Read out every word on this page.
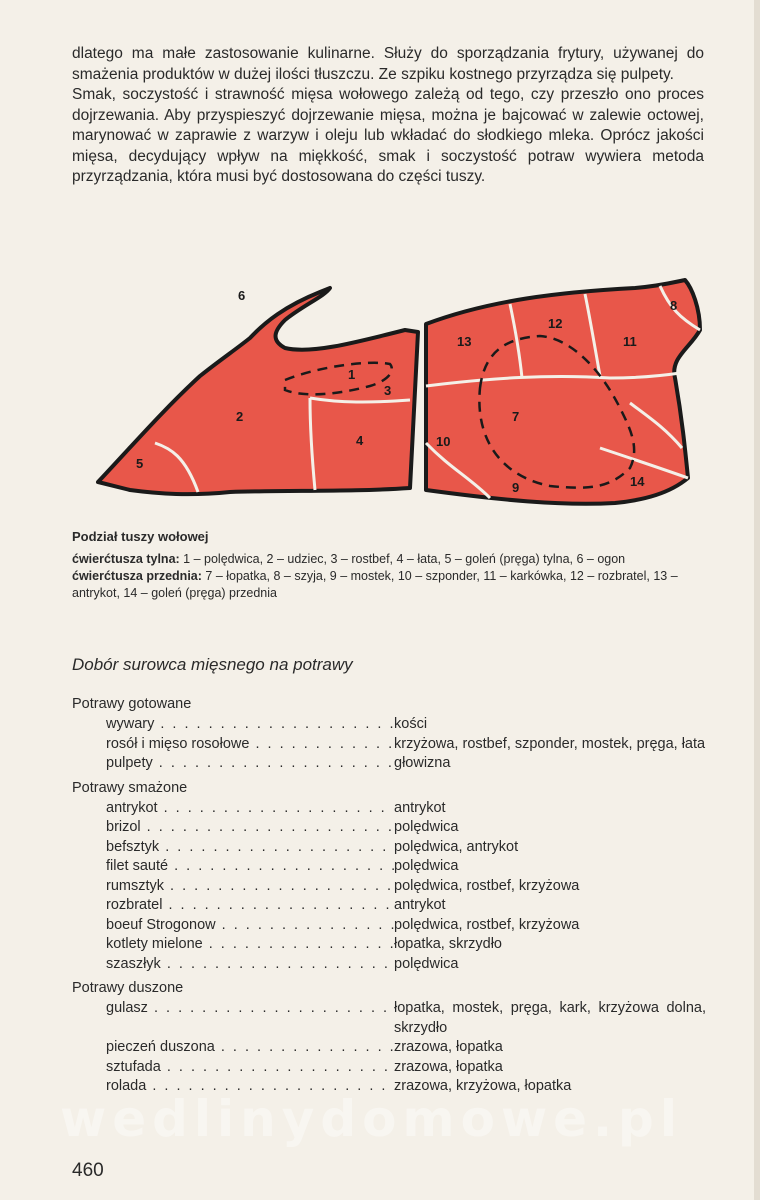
dlatego ma małe zastosowanie kulinarne. Służy do sporządzania frytury, używanej do smażenia produktów w dużej ilości tłuszczu. Ze szpiku kostnego przyrządza się pulpety.

Smak, soczystość i strawność mięsa wołowego zależą od tego, czy przeszło ono proces dojrzewania. Aby przyspieszyć dojrzewanie mięsa, można je bajcować w zalewie octowej, marynować w zaprawie z warzyw i oleju lub wkładać do słodkiego mleka. Oprócz jakości mięsa, decydujący wpływ na miękkość, smak i soczystość potraw wywiera metoda przyrządzania, która musi być dostosowana do części tuszy.

1
2
3
4
5
6
7
8
9
10
11
12
13
14
Podział tuszy wołowej
ćwierćtusza tylna: 1 – polędwica, 2 – udziec, 3 – rostbef, 4 – łata, 5 – goleń (pręga) tylna, 6 – ogon
ćwierćtusza przednia: 7 – łopatka, 8 – szyja, 9 – mostek, 10 – szponder, 11 – karkówka, 12 – rozbratel, 13 – antrykot, 14 – goleń (pręga) przednia
Dobór surowca mięsnego na potrawy
Potrawy gotowane
wywary . . .	kości
rosół i mięso rosołowe . . .	krzyżowa, rostbef, szponder, mostek, pręga, łata
pulpety . . .	głowizna
Potrawy smażone
antrykot . . .	antrykot
brizol . . .	polędwica
befsztyk . . .	polędwica, antrykot
filet sauté . . .	polędwica
rumsztyk . . .	polędwica, rostbef, krzyżowa
rozbratel . . .	antrykot
boeuf Strogonow . . .	polędwica, rostbef, krzyżowa
kotlety mielone . . .	łopatka, skrzydło
szaszłyk . . .	polędwica
Potrawy duszone
gulasz . . .	łopatka, mostek, pręga, kark, krzyżowa dolna, skrzydło
pieczeń duszona . . .	zrazowa, łopatka
sztufada . . .	zrazowa, łopatka
rolada . . .	zrazowa, krzyżowa, łopatka
wedlinydomowe.pl
460
